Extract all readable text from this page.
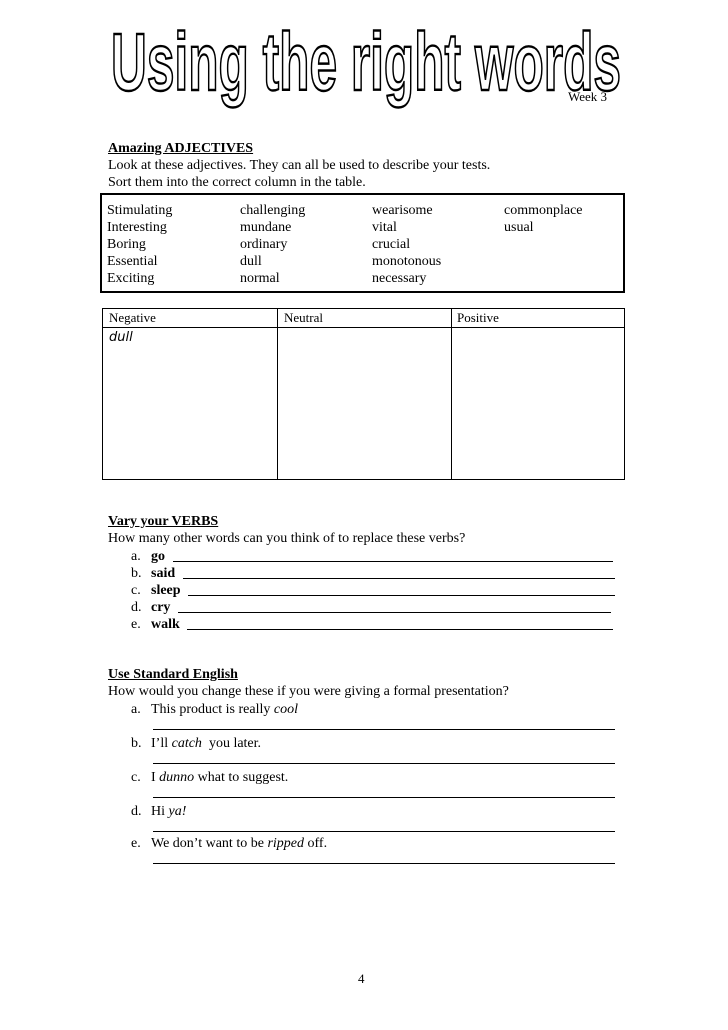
Using the right words
Week 3
Amazing ADJECTIVES
Look at these adjectives. They can all be used to describe your tests.
Sort them into the correct column in the table.
Stimulating
Interesting
Boring
Essential
Exciting
challenging
mundane
ordinary
dull
normal
wearisome
vital
crucial
monotonous
necessary
commonplace
usual
Negative	Neutral	Positive
dull
Vary your VERBS
How many other words can you think of to replace these verbs?
a. go
b. said
c. sleep
d. cry
e. walk
Use Standard English
How would you change these if you were giving a formal presentation?
a. This product is really cool
b. I’ll catch  you later.
c. I dunno what to suggest.
d. Hi ya!
e. We don’t want to be ripped off.
4
